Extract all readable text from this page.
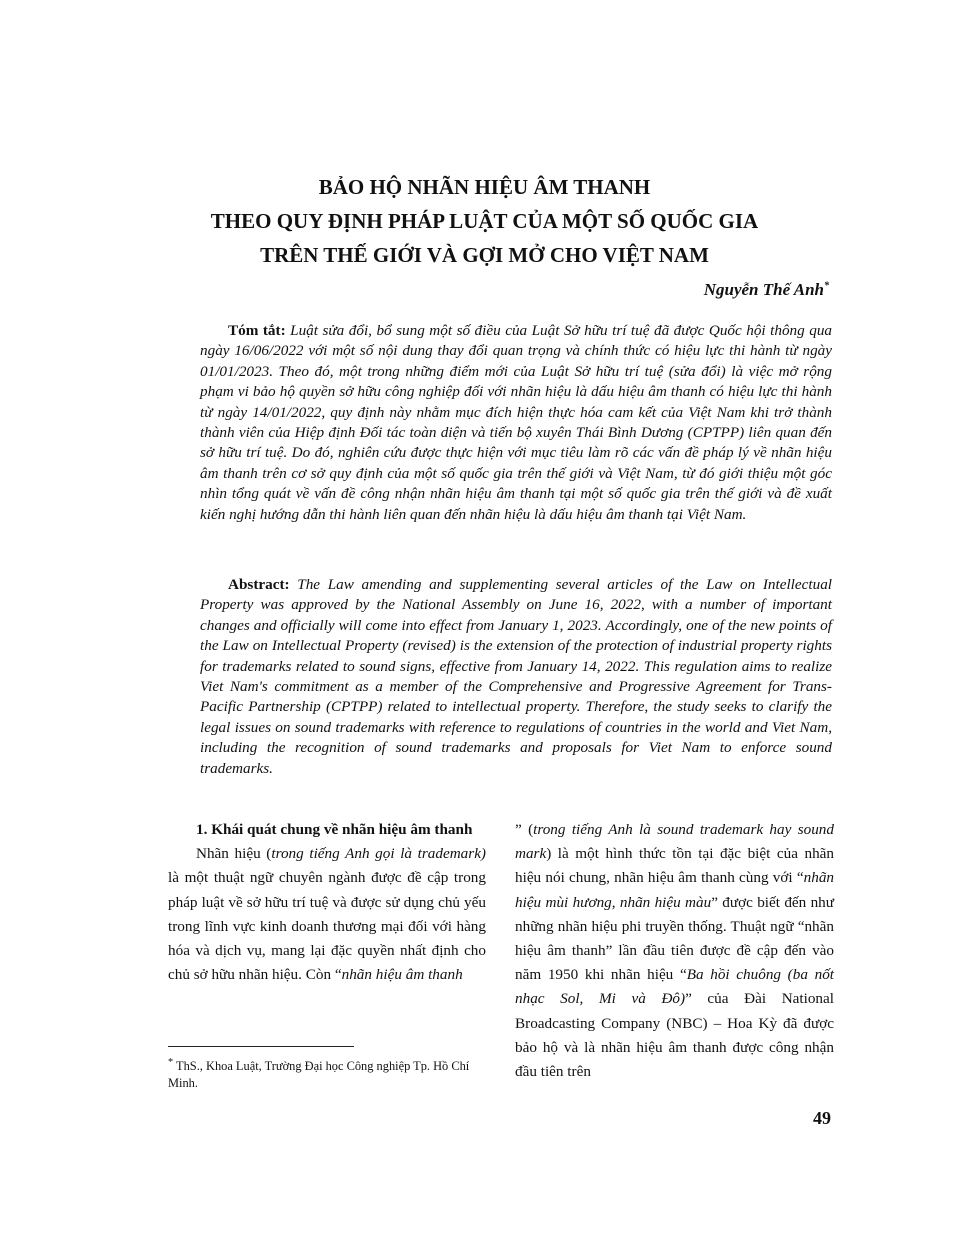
BẢO HỘ NHÃN HIỆU ÂM THANH
THEO QUY ĐỊNH PHÁP LUẬT CỦA MỘT SỐ QUỐC GIA
TRÊN THẾ GIỚI VÀ GỢI MỞ CHO VIỆT NAM
Nguyễn Thế Anh*
Tóm tắt: Luật sửa đổi, bổ sung một số điều của Luật Sở hữu trí tuệ đã được Quốc hội thông qua ngày 16/06/2022 với một số nội dung thay đổi quan trọng và chính thức có hiệu lực thi hành từ ngày 01/01/2023. Theo đó, một trong những điểm mới của Luật Sở hữu trí tuệ (sửa đổi) là việc mở rộng phạm vi bảo hộ quyền sở hữu công nghiệp đối với nhãn hiệu là dấu hiệu âm thanh có hiệu lực thi hành từ ngày 14/01/2022, quy định này nhằm mục đích hiện thực hóa cam kết của Việt Nam khi trở thành thành viên của Hiệp định Đối tác toàn diện và tiến bộ xuyên Thái Bình Dương (CPTPP) liên quan đến sở hữu trí tuệ. Do đó, nghiên cứu được thực hiện với mục tiêu làm rõ các vấn đề pháp lý về nhãn hiệu âm thanh trên cơ sở quy định của một số quốc gia trên thế giới và Việt Nam, từ đó giới thiệu một góc nhìn tổng quát về vấn đề công nhận nhãn hiệu âm thanh tại một số quốc gia trên thế giới và đề xuất kiến nghị hướng dẫn thi hành liên quan đến nhãn hiệu là dấu hiệu âm thanh tại Việt Nam.
Abstract: The Law amending and supplementing several articles of the Law on Intellectual Property was approved by the National Assembly on June 16, 2022, with a number of important changes and officially will come into effect from January 1, 2023. Accordingly, one of the new points of the Law on Intellectual Property (revised) is the extension of the protection of industrial property rights for trademarks related to sound signs, effective from January 14, 2022. This regulation aims to realize Viet Nam's commitment as a member of the Comprehensive and Progressive Agreement for Trans-Pacific Partnership (CPTPP) related to intellectual property. Therefore, the study seeks to clarify the legal issues on sound trademarks with reference to regulations of countries in the world and Viet Nam, including the recognition of sound trademarks and proposals for Viet Nam to enforce sound trademarks.
1. Khái quát chung về nhãn hiệu âm thanh
Nhãn hiệu (trong tiếng Anh gọi là trademark) là một thuật ngữ chuyên ngành được đề cập trong pháp luật về sở hữu trí tuệ và được sử dụng chủ yếu trong lĩnh vực kinh doanh thương mại đối với hàng hóa và dịch vụ, mang lại đặc quyền nhất định cho chủ sở hữu nhãn hiệu. Còn “nhãn hiệu âm thanh
” (trong tiếng Anh là sound trademark hay sound mark) là một hình thức tồn tại đặc biệt của nhãn hiệu nói chung, nhãn hiệu âm thanh cùng với “nhãn hiệu mùi hương, nhãn hiệu màu” được biết đến như những nhãn hiệu phi truyền thống. Thuật ngữ “nhãn hiệu âm thanh” lần đầu tiên được đề cập đến vào năm 1950 khi nhãn hiệu “Ba hồi chuông (ba nốt nhạc Sol, Mi và Đô)” của Đài National Broadcasting Company (NBC) – Hoa Kỳ đã được bảo hộ và là nhãn hiệu âm thanh được công nhận đầu tiên trên
* ThS., Khoa Luật, Trường Đại học Công nghiệp Tp. Hồ Chí Minh.
49
